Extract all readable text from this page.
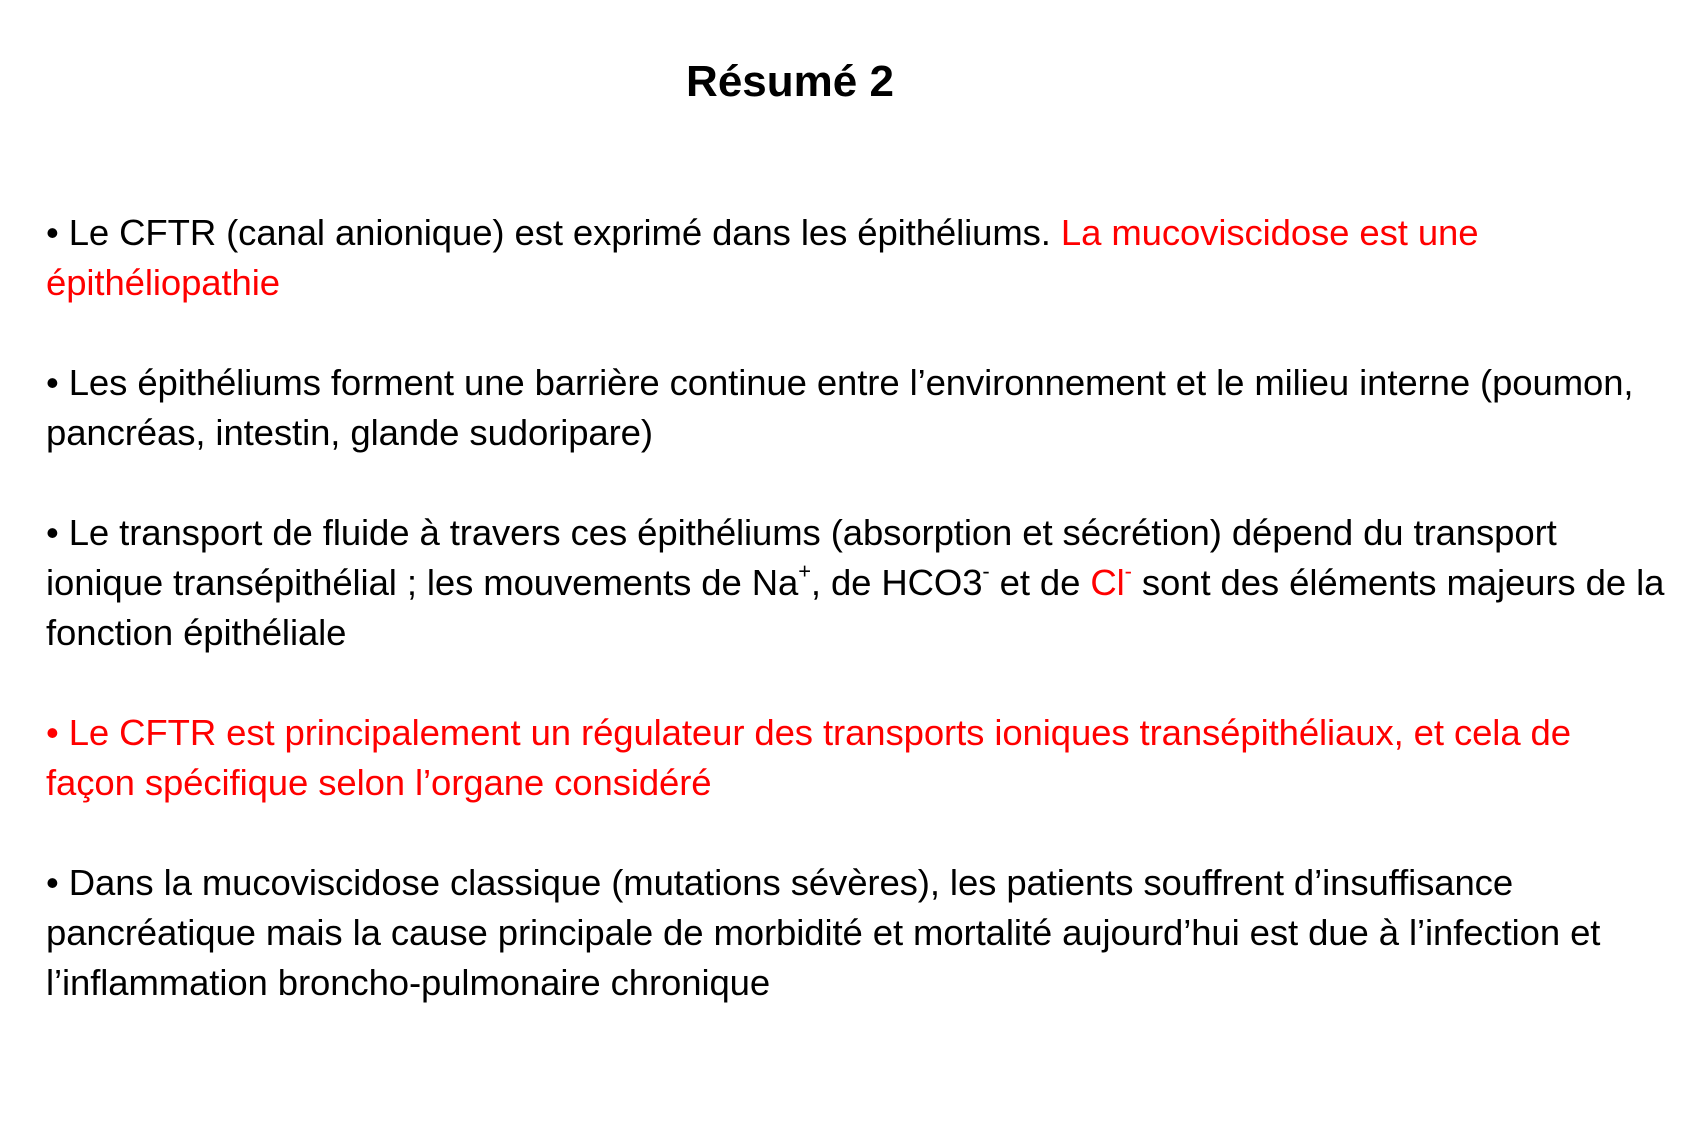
Résumé 2
• Le CFTR (canal anionique) est exprimé dans les épithéliums. La mucoviscidose est une épithéliopathie
• Les épithéliums forment une barrière continue entre l’environnement et le milieu interne (poumon, pancréas, intestin, glande sudoripare)
• Le transport de fluide à travers ces épithéliums (absorption et sécrétion) dépend du transport ionique transépithélial ; les mouvements de Na+, de HCO3- et de Cl- sont des éléments majeurs de la fonction épithéliale
• Le CFTR est principalement un régulateur des transports ioniques transépithéliaux, et cela de façon spécifique selon l’organe considéré
• Dans la mucoviscidose classique (mutations sévères), les patients souffrent d’insuffisance pancréatique mais la cause principale de morbidité et mortalité aujourd’hui est due à l’infection et l’inflammation broncho-pulmonaire chronique
